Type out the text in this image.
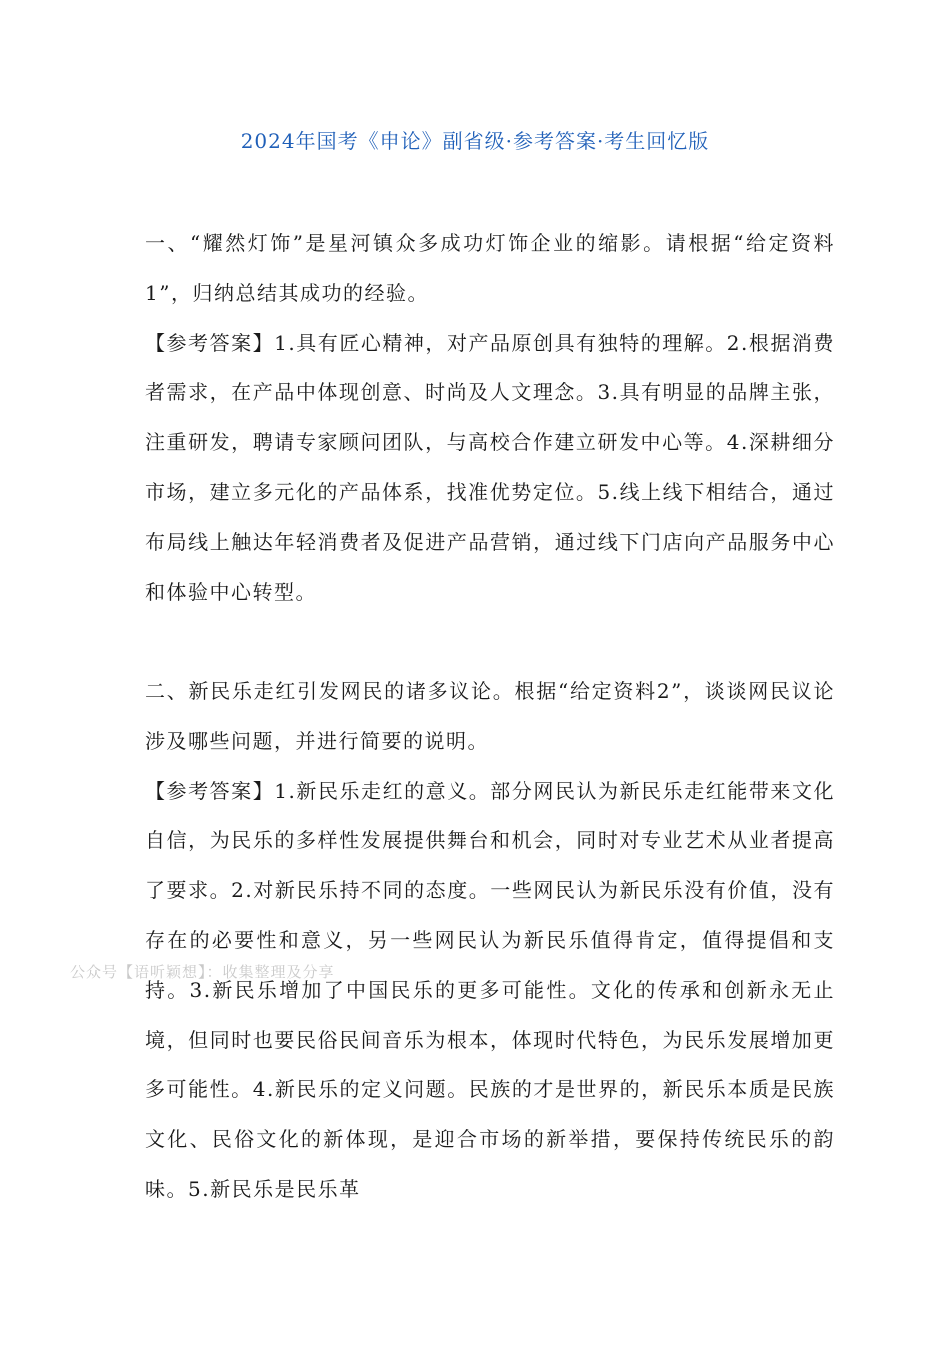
2024年国考《申论》副省级·参考答案·考生回忆版

一、“耀然灯饰”是星河镇众多成功灯饰企业的缩影。请根据“给定资料1”，归纳总结其成功的经验。

【参考答案】1.具有匠心精神，对产品原创具有独特的理解。2.根据消费者需求，在产品中体现创意、时尚及人文理念。3.具有明显的品牌主张，注重研发，聘请专家顾问团队，与高校合作建立研发中心等。4.深耕细分市场，建立多元化的产品体系，找准优势定位。5.线上线下相结合，通过布局线上触达年轻消费者及促进产品营销，通过线下门店向产品服务中心和体验中心转型。

二、新民乐走红引发网民的诸多议论。根据“给定资料2”，谈谈网民议论涉及哪些问题，并进行简要的说明。

【参考答案】1.新民乐走红的意义。部分网民认为新民乐走红能带来文化自信，为民乐的多样性发展提供舞台和机会，同时对专业艺术从业者提高了要求。2.对新民乐持不同的态度。一些网民认为新民乐没有价值，没有存在的必要性和意义，另一些网民认为新民乐值得肯定，值得提倡和支持。3.新民乐增加了中国民乐的更多可能性。文化的传承和创新永无止境，但同时也要民俗民间音乐为根本，体现时代特色，为民乐发展增加更多可能性。4.新民乐的定义问题。民族的才是世界的，新民乐本质是民族文化、民俗文化的新体现，是迎合市场的新举措，要保持传统民乐的韵味。5.新民乐是民乐革

公众号【语听颖想】：收集整理及分享
